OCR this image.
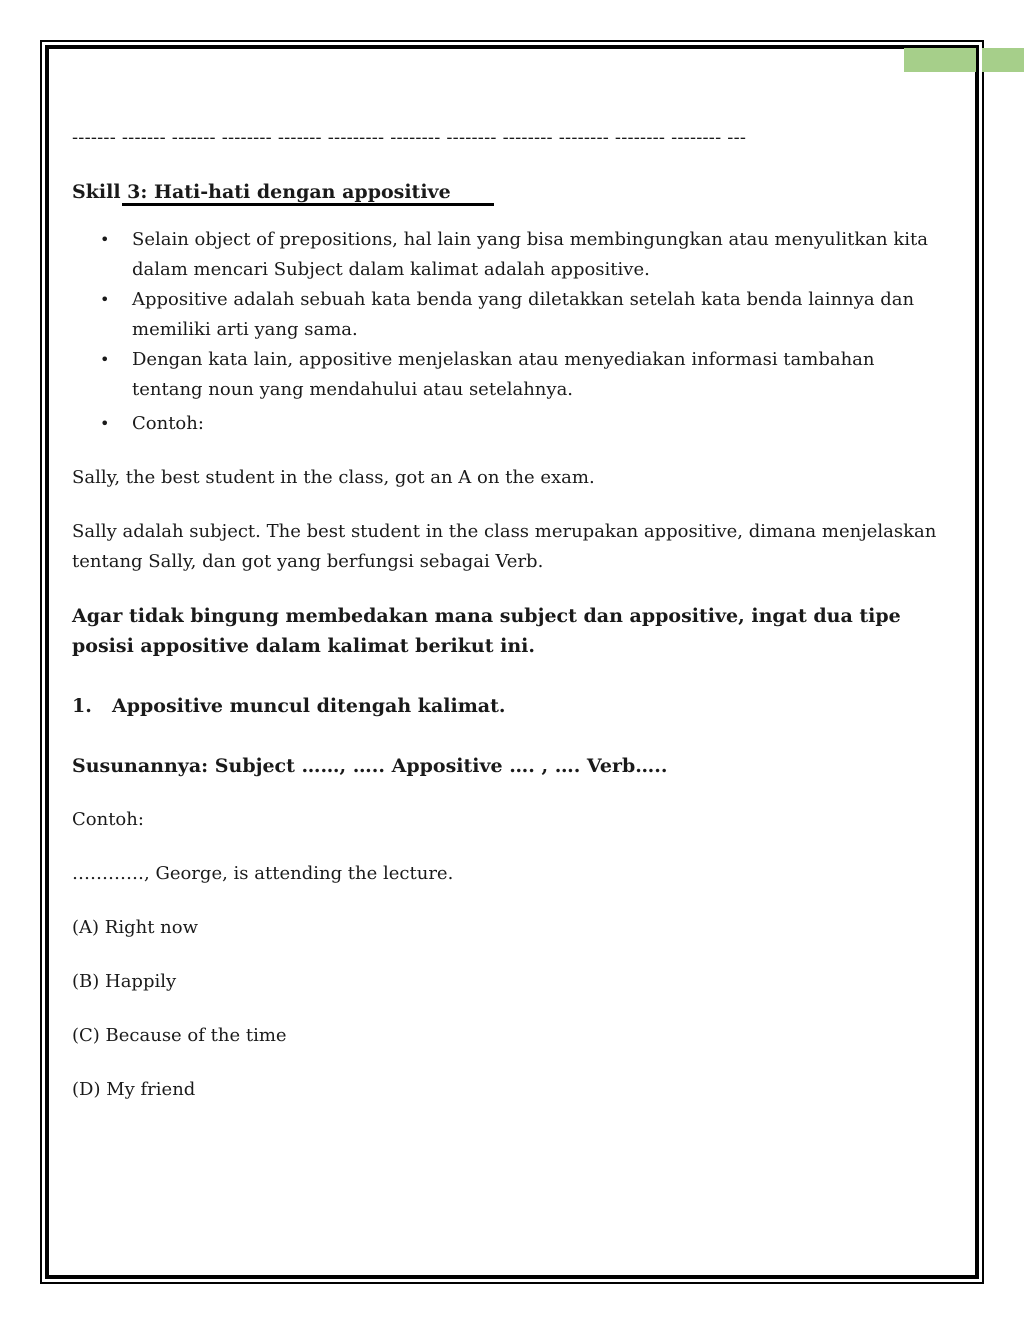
------- ------- ------- -------- ------- --------- -------- -------- -------- -------- -------- -------- ---

Skill 3: Hati-hati dengan appositive

• Selain object of prepositions, hal lain yang bisa membingungkan atau menyulitkan kita dalam mencari Subject dalam kalimat adalah appositive.
• Appositive adalah sebuah kata benda yang diletakkan setelah kata benda lainnya dan memiliki arti yang sama.
• Dengan kata lain, appositive menjelaskan atau menyediakan informasi tambahan tentang noun yang mendahului atau setelahnya.
• Contoh:

Sally, the best student in the class, got an A on the exam.

Sally adalah subject. The best student in the class merupakan appositive, dimana menjelaskan tentang Sally, dan got yang berfungsi sebagai Verb.

Agar tidak bingung membedakan mana subject dan appositive, ingat dua tipe posisi appositive dalam kalimat berikut ini.

1. Appositive muncul ditengah kalimat.

Susunannya: Subject ……, ….. Appositive …. , …. Verb…..

Contoh:

…………, George, is attending the lecture.

(A) Right now

(B) Happily

(C) Because of the time

(D) My friend
